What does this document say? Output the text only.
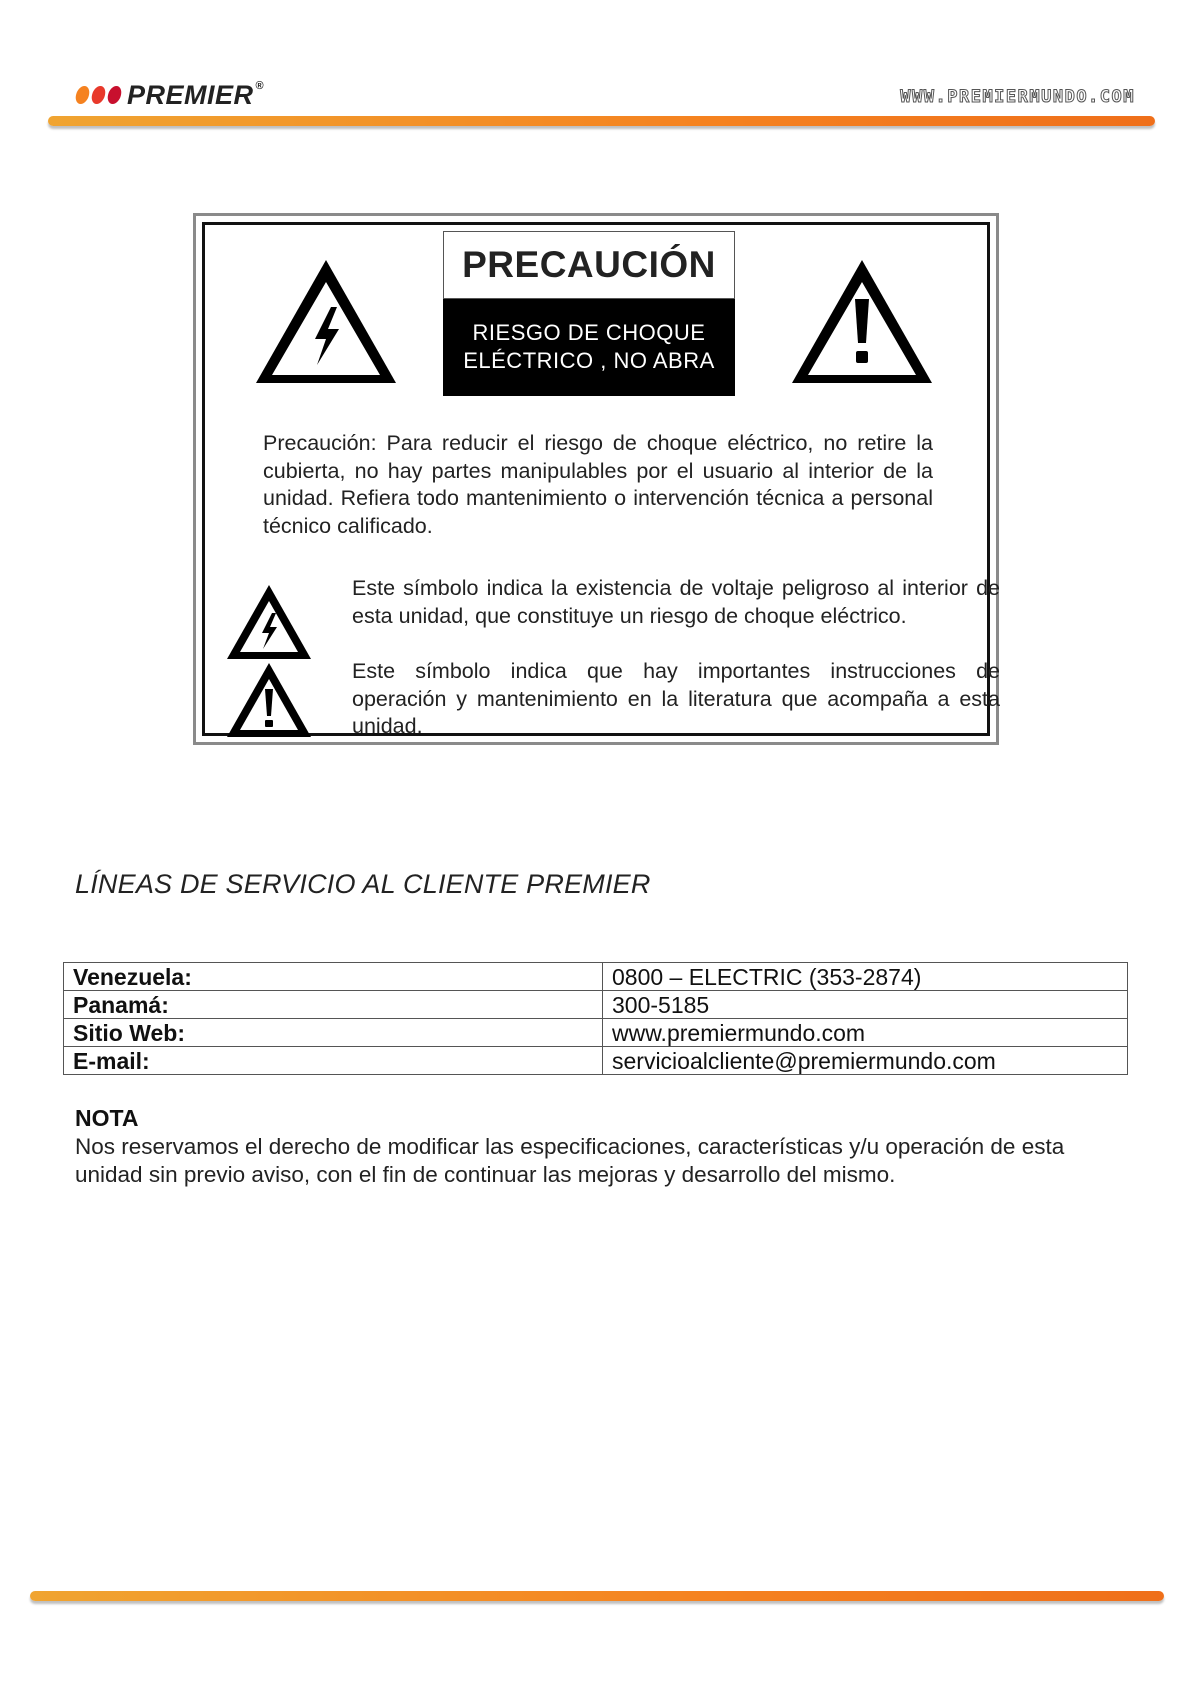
PREMIER ®
WWW.PREMIERMUNDO.COM
PRECAUCIÓN
RIESGO DE CHOQUE
ELÉCTRICO , NO ABRA
Precaución: Para reducir el riesgo de choque eléctrico, no retire la cubierta, no hay partes manipulables por el usuario al interior de la unidad. Refiera todo mantenimiento o intervención técnica a personal técnico calificado.
Este símbolo indica la existencia de voltaje peligroso al interior de esta unidad, que constituye un riesgo de choque eléctrico.
Este símbolo indica que hay importantes instrucciones de operación y mantenimiento en la literatura que acompaña a esta unidad.
LÍNEAS DE SERVICIO AL CLIENTE PREMIER
Venezuela:	0800 – ELECTRIC (353-2874)
Panamá:	300-5185
Sitio Web:	www.premiermundo.com
E-mail:	servicioalcliente@premiermundo.com
NOTA
Nos reservamos el derecho de modificar las especificaciones, características y/u operación de esta unidad sin previo aviso, con el fin de continuar las mejoras y desarrollo del mismo.
